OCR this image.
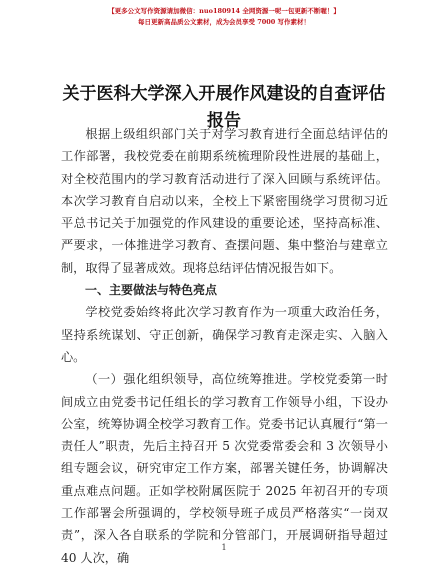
【更多公文写作资源请加微信：nuo180914 全网资源一呢一包更新不断喔！】
每日更新高品质公文素材，成为会员享受 7000 写作素材！
关于医科大学深入开展作风建设的自查评估报告

根据上级组织部门关于对学习教育进行全面总结评估的工作部署，我校党委在前期系统梳理阶段性进展的基础上，对全校范围内的学习教育活动进行了深入回顾与系统评估。本次学习教育自启动以来，全校上下紧密围绕学习贯彻习近平总书记关于加强党的作风建设的重要论述，坚持高标准、严要求，一体推进学习教育、查摆问题、集中整治与建章立制，取得了显著成效。现将总结评估情况报告如下。

一、主要做法与特色亮点

学校党委始终将此次学习教育作为一项重大政治任务，坚持系统谋划、守正创新，确保学习教育走深走实、入脑入心。

（一）强化组织领导，高位统筹推进。学校党委第一时间成立由党委书记任组长的学习教育工作领导小组，下设办公室，统筹协调全校学习教育工作。党委书记认真履行“第一责任人”职责，先后主持召开 5 次党委常委会和 3 次领导小组专题会议，研究审定工作方案，部署关键任务，协调解决重点难点问题。正如学校附属医院于 2025 年初召开的专项工作部署会所强调的，学校领导班子成员严格落实“一岗双责”，深入各自联系的学院和分管部门，开展调研指导超过 40 人次，确

1
